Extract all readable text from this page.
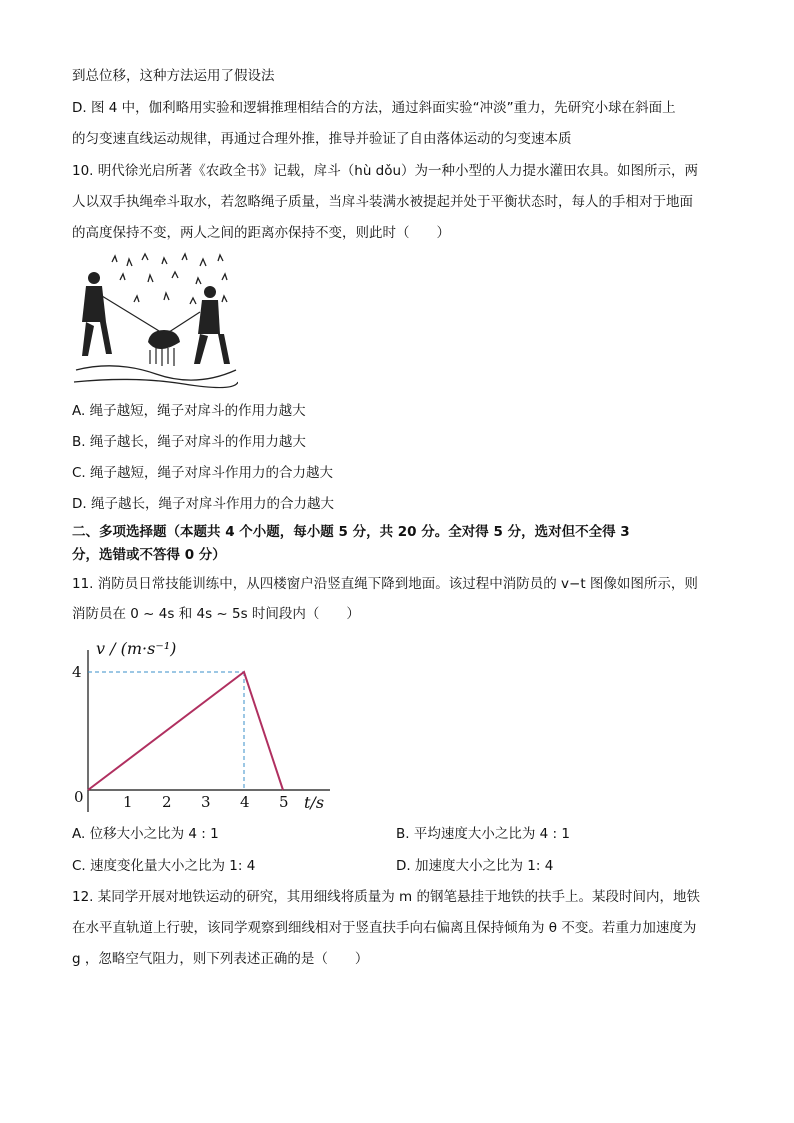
到总位移，这种方法运用了假设法
D. 图 4 中，伽利略用实验和逻辑推理相结合的方法，通过斜面实验“冲淡”重力，先研究小球在斜面上
的匀变速直线运动规律，再通过合理外推，推导并验证了自由落体运动的匀变速本质
10. 明代徐光启所著《农政全书》记载，戽斗（hù dǒu）为一种小型的人力提水灌田农具。如图所示，两
人以双手执绳牵斗取水，若忽略绳子质量，当戽斗装满水被提起并处于平衡状态时，每人的手相对于地面
的高度保持不变，两人之间的距离亦保持不变，则此时（　　）
A. 绳子越短，绳子对戽斗的作用力越大
B. 绳子越长，绳子对戽斗的作用力越大
C. 绳子越短，绳子对戽斗作用力的合力越大
D. 绳子越长，绳子对戽斗作用力的合力越大
二、多项选择题（本题共 4 个小题，每小题 5 分，共 20 分。全对得 5 分，选对但不全得 3
分，选错或不答得 0 分）
11. 消防员日常技能训练中，从四楼窗户沿竖直绳下降到地面。该过程中消防员的 v−t 图像如图所示，则
消防员在 0 ~ 4s 和 4s ~ 5s 时间段内（　　）
v / (m·s⁻¹)
t/s
0	1 2 3 4 5
4
A. 位移大小之比为 4 : 1	B. 平均速度大小之比为 4 : 1
C. 速度变化量大小之比为 1: 4	D. 加速度大小之比为 1: 4
12. 某同学开展对地铁运动的研究，其用细线将质量为 m 的钢笔悬挂于地铁的扶手上。某段时间内，地铁
在水平直轨道上行驶，该同学观察到细线相对于竖直扶手向右偏离且保持倾角为 θ 不变。若重力加速度为
g ，忽略空气阻力，则下列表述正确的是（　　）
